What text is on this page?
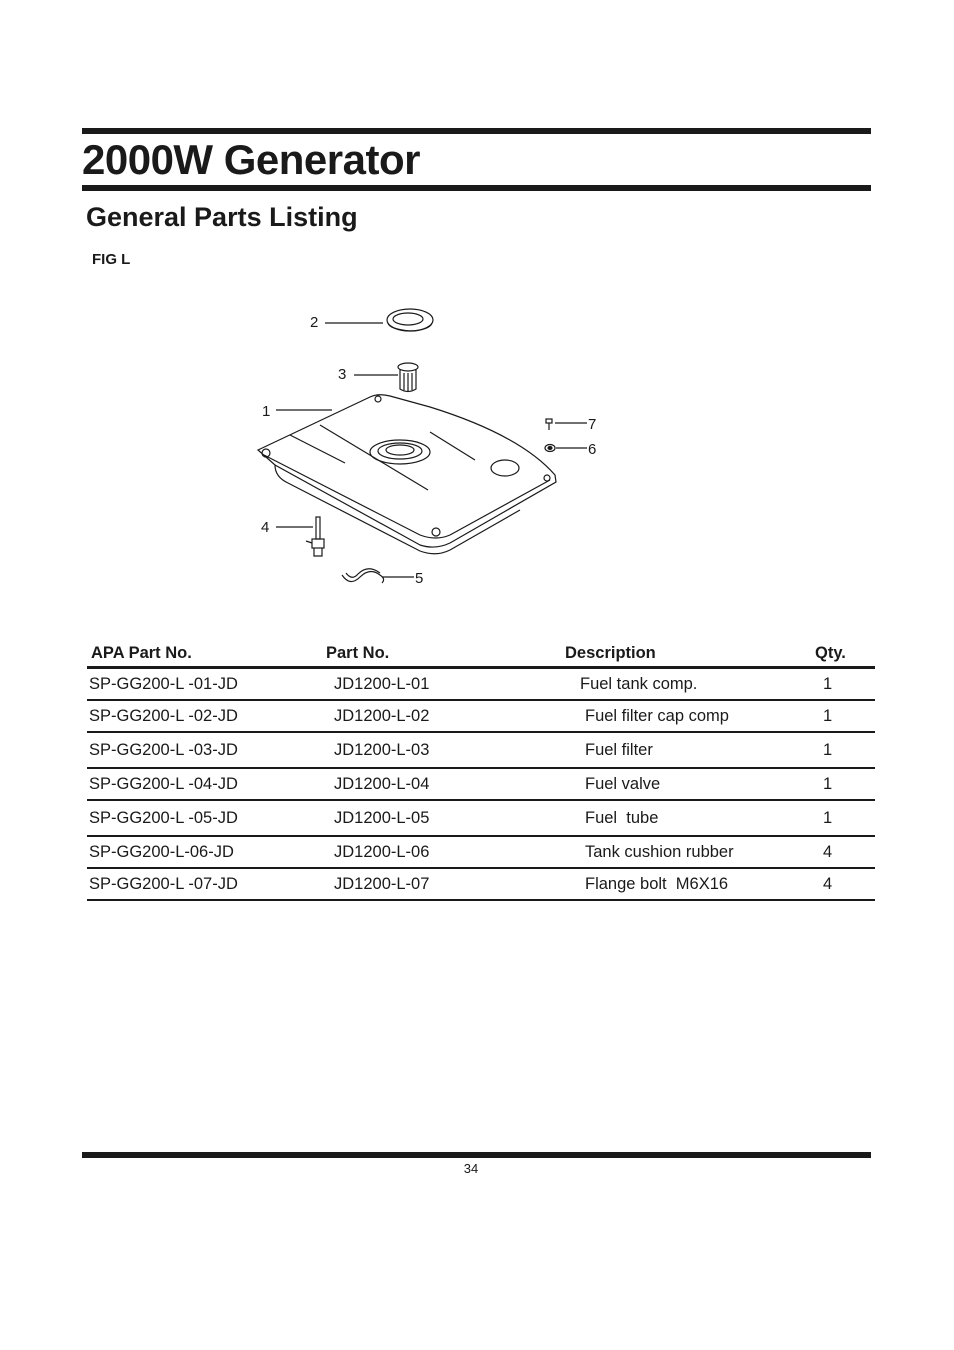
2000W Generator
General Parts Listing
FIG L
2
3
1
7
6
4
5
APA Part No.	Part No.	Description	Qty.
SP-GG200-L -01-JD	JD1200-L-01	Fuel tank comp.	1
SP-GG200-L -02-JD	JD1200-L-02	Fuel filter cap comp	1
SP-GG200-L -03-JD	JD1200-L-03	Fuel filter	1
SP-GG200-L -04-JD	JD1200-L-04	Fuel valve	1
SP-GG200-L -05-JD	JD1200-L-05	Fuel  tube	1
SP-GG200-L-06-JD	JD1200-L-06	Tank cushion rubber	4
SP-GG200-L -07-JD	JD1200-L-07	Flange bolt  M6X16	4
34
